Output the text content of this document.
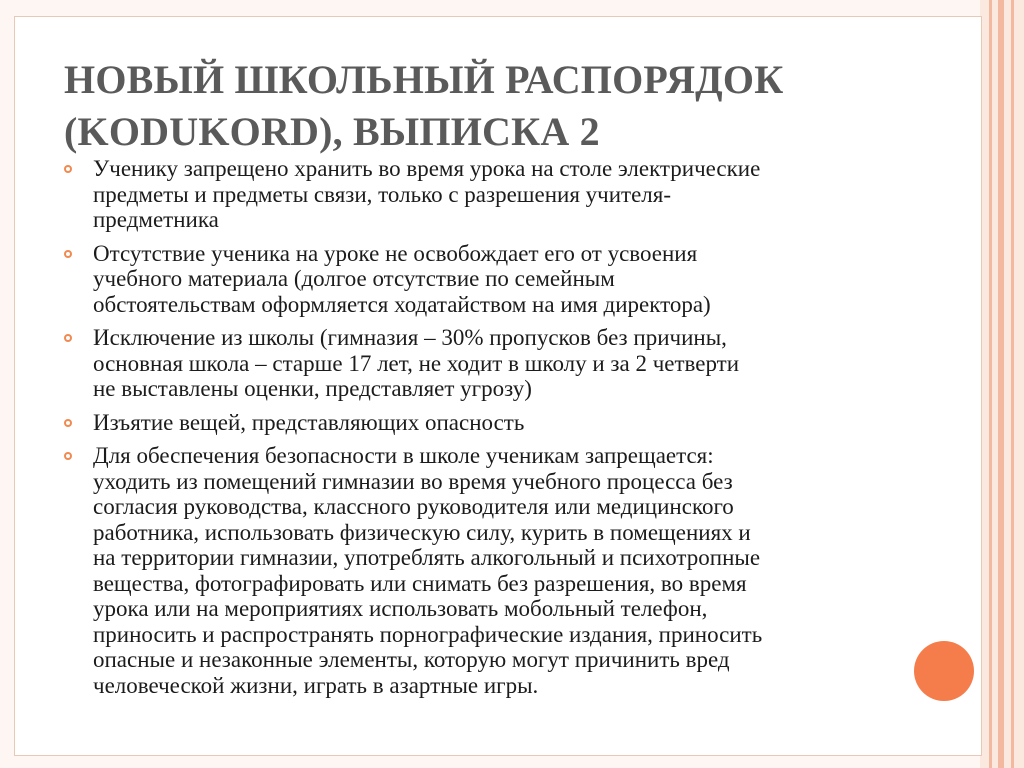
НОВЫЙ ШКОЛЬНЫЙ РАСПОРЯДОК
(KODUKORD), ВЫПИСКА 2
Ученику запрещено хранить во время урока на столе электрические
предметы и предметы связи, только с разрешения учителя-
предметника
Отсутствие ученика на уроке не освобождает его от усвоения
учебного материала (долгое отсутствие по семейным
обстоятельствам оформляется ходатайством на имя директора)
Исключение из школы (гимназия – 30% пропусков без причины,
основная школа – старше 17 лет, не ходит в школу и за 2 четверти
не выставлены оценки, представляет угрозу)
Изъятие вещей, представляющих опасность
Для обеспечения безопасности в школе ученикам запрещается:
уходить из помещений гимназии во время учебного процесса без
согласия руководства, классного руководителя или медицинского
работника, использовать физическую силу, курить в помещениях и
на территории гимназии, употреблять алкогольный и психотропные
вещества, фотографировать или снимать без разрешения, во время
урока или на мероприятиях использовать мобольный телефон,
приносить и распространять порнографические издания, приносить
опасные и незаконные элементы, которую могут причинить вред
человеческой жизни, играть в азартные игры.
